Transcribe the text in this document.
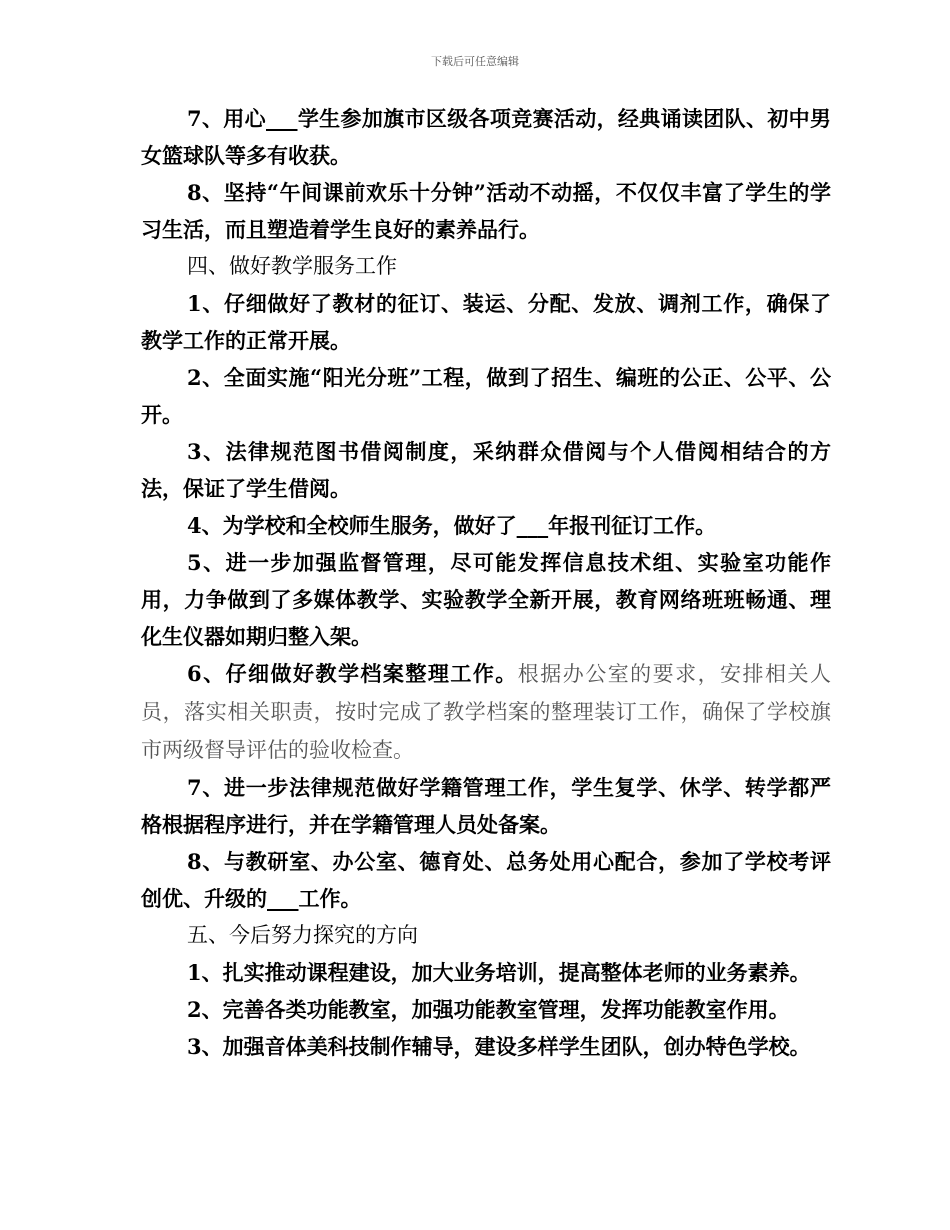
下载后可任意编辑

7、用心___学生参加旗市区级各项竞赛活动，经典诵读团队、初中男女篮球队等多有收获。

8、坚持“午间课前欢乐十分钟”活动不动摇，不仅仅丰富了学生的学习生活，而且塑造着学生良好的素养品行。

四、做好教学服务工作

1、仔细做好了教材的征订、装运、分配、发放、调剂工作，确保了教学工作的正常开展。

2、全面实施“阳光分班”工程，做到了招生、编班的公正、公平、公开。

3、法律规范图书借阅制度，采纳群众借阅与个人借阅相结合的方法，保证了学生借阅。

4、为学校和全校师生服务，做好了___年报刊征订工作。

5、进一步加强监督管理，尽可能发挥信息技术组、实验室功能作用，力争做到了多媒体教学、实验教学全新开展，教育网络班班畅通、理化生仪器如期归整入架。

6、仔细做好教学档案整理工作。根据办公室的要求，安排相关人员，落实相关职责，按时完成了教学档案的整理装订工作，确保了学校旗市两级督导评估的验收检查。

7、进一步法律规范做好学籍管理工作，学生复学、休学、转学都严格根据程序进行，并在学籍管理人员处备案。

8、与教研室、办公室、德育处、总务处用心配合，参加了学校考评创优、升级的___工作。

五、今后努力探究的方向

1、扎实推动课程建设，加大业务培训，提高整体老师的业务素养。

2、完善各类功能教室，加强功能教室管理，发挥功能教室作用。

3、加强音体美科技制作辅导，建设多样学生团队，创办特色学校。
